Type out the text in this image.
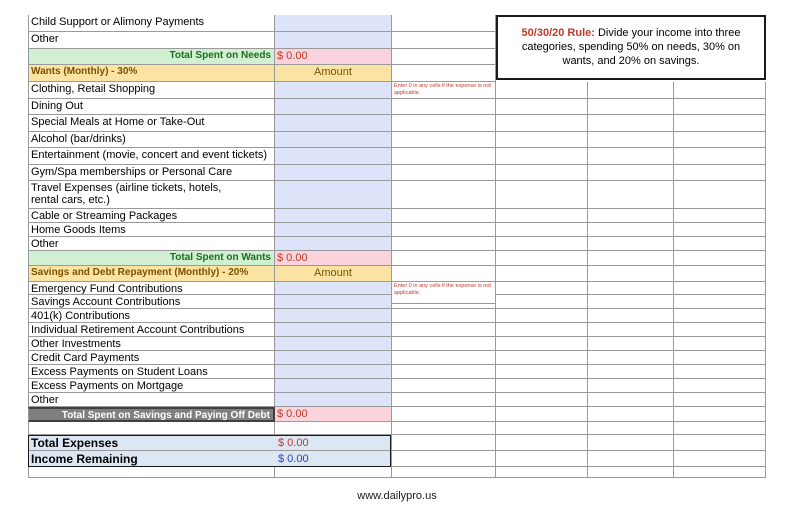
Child Support or Alimony Payments
Other
Total Spent on Needs $ 0.00
Wants (Monthly) - 30%	Amount
Clothing, Retail Shopping	Enter 0 in any cells if the expense is not applicable.
Dining Out
Special Meals at Home or Take-Out
Alcohol (bar/drinks)
Entertainment (movie, concert and event tickets)
Gym/Spa memberships or Personal Care
Travel Expenses (airline tickets, hotels, rental cars, etc.)
Cable or Streaming Packages
Home Goods Items
Other
Total Spent on Wants $ 0.00
Savings and Debt Repayment (Monthly) - 20%	Amount
Emergency Fund Contributions	Enter 0 in any cells if the expense is not applicable.
Savings Account Contributions
401(k) Contributions
Individual Retirement Account Contributions
Other Investments
Credit Card Payments
Excess Payments on Student Loans
Excess Payments on Mortgage
Other
Total Spent on Savings and Paying Off Debt $ 0.00
Total Expenses	$ 0.00
Income Remaining	$ 0.00
50/30/20 Rule: Divide your income into three categories, spending 50% on needs, 30% on wants, and 20% on savings.
www.dailypro.us
